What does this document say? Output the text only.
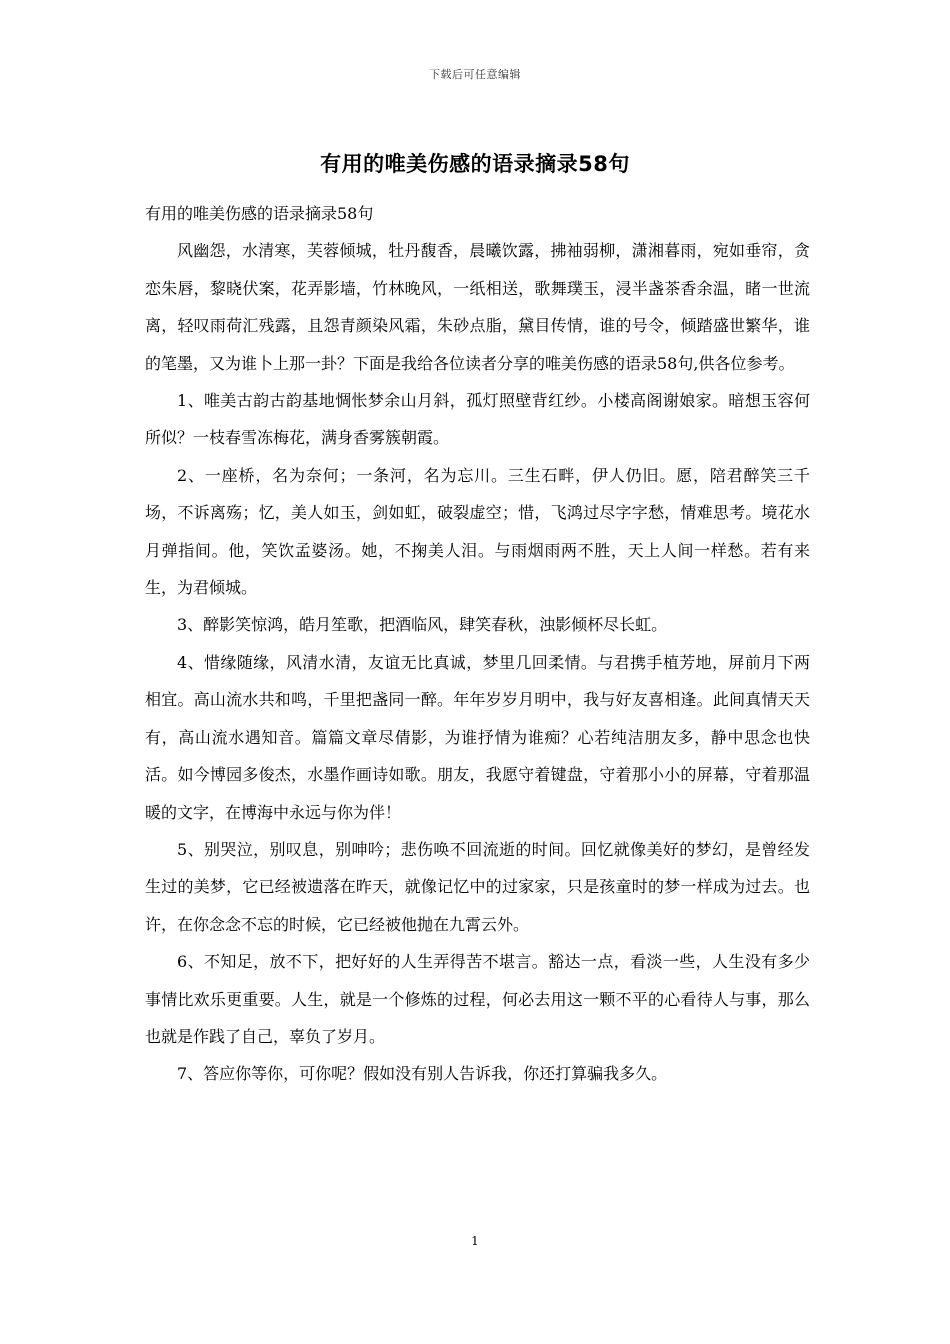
下载后可任意编辑
有用的唯美伤感的语录摘录58句

有用的唯美伤感的语录摘录58句

风幽怨，水清寒，芙蓉倾城，牡丹馥香，晨曦饮露，拂袖弱柳，潇湘暮雨，宛如垂帘，贪恋朱唇，黎晓伏案，花弄影墙，竹林晚风，一纸相送，歌舞璞玉，浸半盏茶香余温，睹一世流离，轻叹雨荷汇残露，且怨青颜染风霜，朱砂点脂，黛目传情，谁的号令，倾踏盛世繁华，谁的笔墨，又为谁卜上那一卦？下面是我给各位读者分享的唯美伤感的语录58句,供各位参考。

1、唯美古韵古韵基地惆怅梦余山月斜，孤灯照壁背红纱。小楼高阁谢娘家。暗想玉容何所似？一枝春雪冻梅花，满身香雾簇朝霞。

2、一座桥，名为奈何；一条河，名为忘川。三生石畔，伊人仍旧。愿，陪君醉笑三千场，不诉离殇；忆，美人如玉，剑如虹，破裂虚空；惜，飞鸿过尽字字愁，情难思考。境花水月弹指间。他，笑饮孟婆汤。她，不掬美人泪。与雨烟雨两不胜，天上人间一样愁。若有来生，为君倾城。

3、醉影笑惊鸿，皓月笙歌，把酒临风，肆笑春秋，浊影倾杯尽长虹。

4、惜缘随缘，风清水清，友谊无比真诚，梦里几回柔情。与君携手植芳地，屏前月下两相宜。高山流水共和鸣，千里把盏同一醉。年年岁岁月明中，我与好友喜相逢。此间真情天天有，高山流水遇知音。篇篇文章尽倩影，为谁抒情为谁痴？心若纯洁朋友多，静中思念也快活。如今博园多俊杰，水墨作画诗如歌。朋友，我愿守着键盘，守着那小小的屏幕，守着那温暖的文字，在博海中永远与你为伴！

5、别哭泣，别叹息，别呻吟；悲伤唤不回流逝的时间。回忆就像美好的梦幻，是曾经发生过的美梦，它已经被遗落在昨天，就像记忆中的过家家，只是孩童时的梦一样成为过去。也许，在你念念不忘的时候，它已经被他抛在九霄云外。

6、不知足，放不下，把好好的人生弄得苦不堪言。豁达一点，看淡一些，人生没有多少事情比欢乐更重要。人生，就是一个修炼的过程，何必去用这一颗不平的心看待人与事，那么也就是作践了自己，辜负了岁月。

7、答应你等你，可你呢？假如没有别人告诉我，你还打算骗我多久。

1
